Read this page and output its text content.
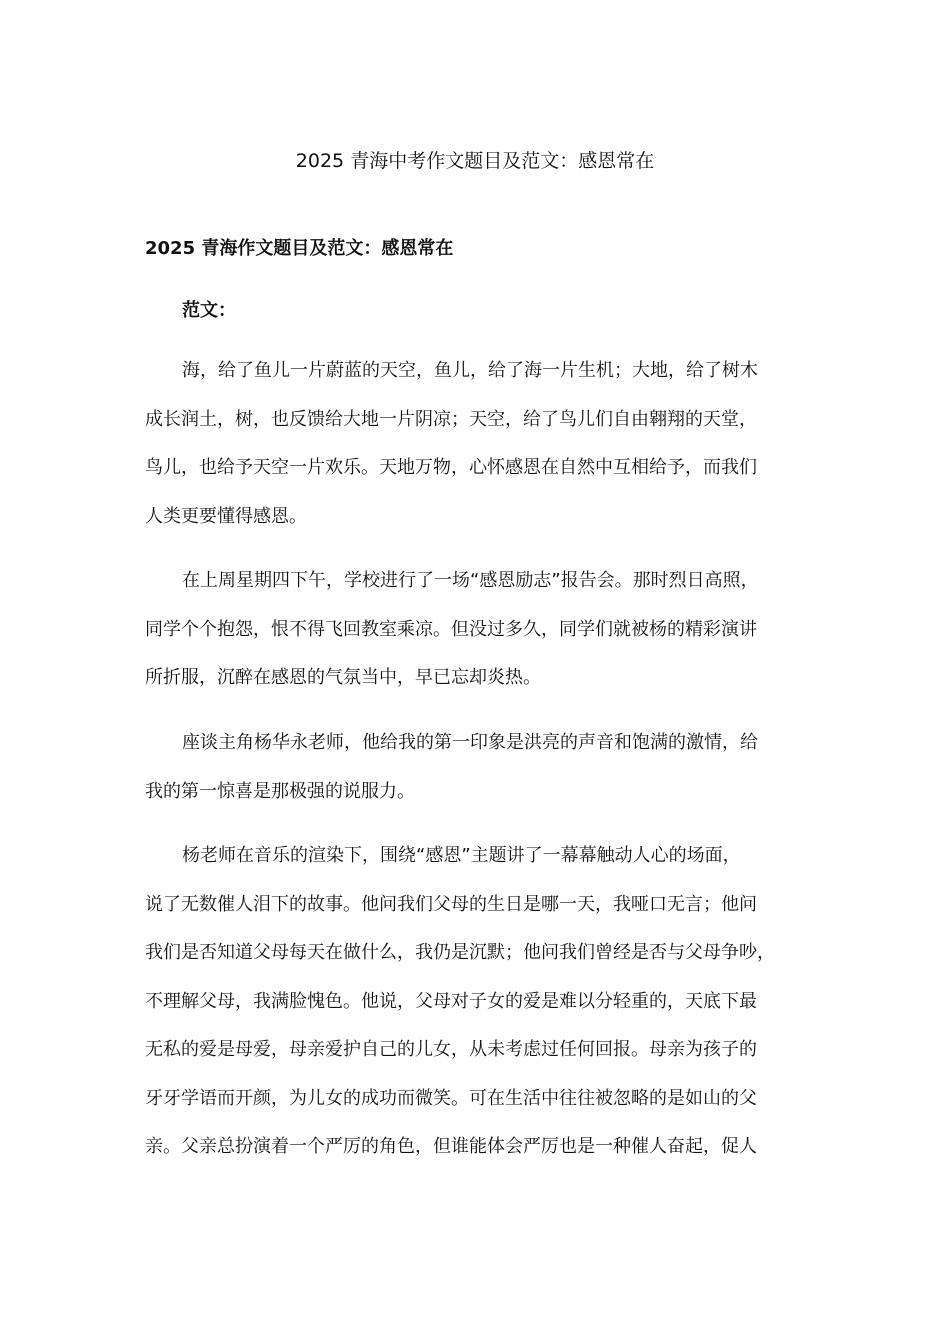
2025 青海中考作文题目及范文：感恩常在
2025 青海作文题目及范文：感恩常在
范文：
海，给了鱼儿一片蔚蓝的天空，鱼儿，给了海一片生机；大地，给了树木
成长润土，树，也反馈给大地一片阴凉；天空，给了鸟儿们自由翱翔的天堂，
鸟儿，也给予天空一片欢乐。天地万物，心怀感恩在自然中互相给予，而我们
人类更要懂得感恩。
在上周星期四下午，学校进行了一场“感恩励志”报告会。那时烈日高照，
同学个个抱怨，恨不得飞回教室乘凉。但没过多久，同学们就被杨的精彩演讲
所折服，沉醉在感恩的气氛当中，早已忘却炎热。
座谈主角杨华永老师，他给我的第一印象是洪亮的声音和饱满的激情，给
我的第一惊喜是那极强的说服力。
杨老师在音乐的渲染下，围绕“感恩”主题讲了一幕幕触动人心的场面，
说了无数催人泪下的故事。他问我们父母的生日是哪一天，我哑口无言；他问
我们是否知道父母每天在做什么，我仍是沉默；他问我们曾经是否与父母争吵，
不理解父母，我满脸愧色。他说，父母对子女的爱是难以分轻重的，天底下最
无私的爱是母爱，母亲爱护自己的儿女，从未考虑过任何回报。母亲为孩子的
牙牙学语而开颜，为儿女的成功而微笑。可在生活中往往被忽略的是如山的父
亲。父亲总扮演着一个严厉的角色，但谁能体会严厉也是一种催人奋起，促人
